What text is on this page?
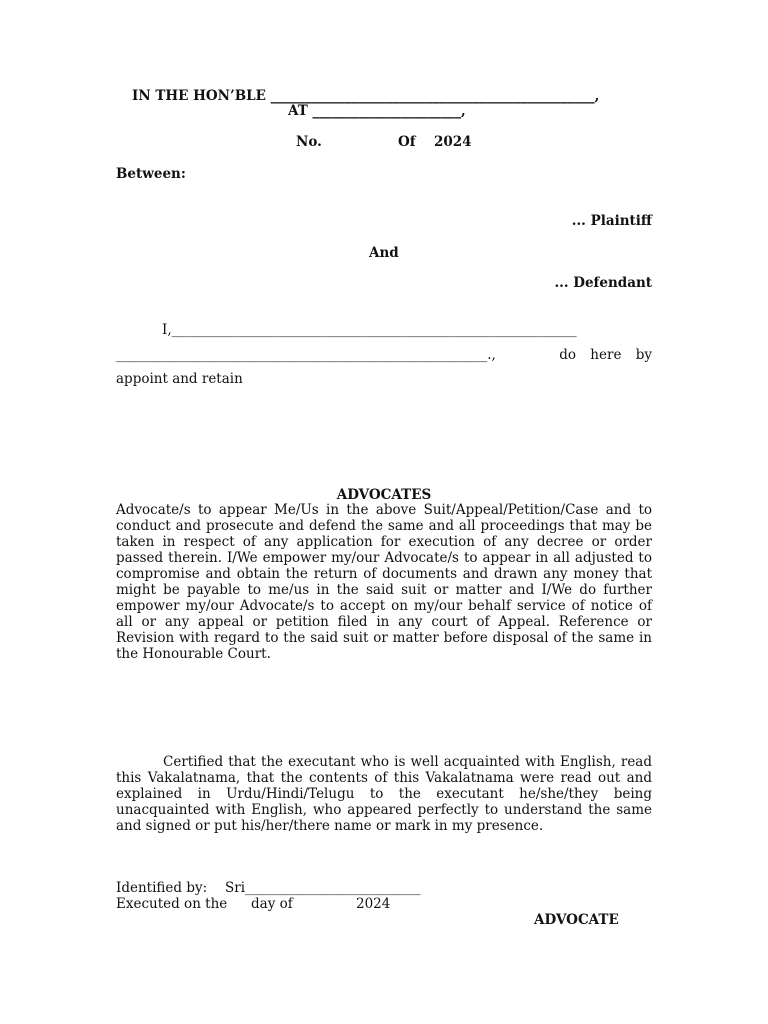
IN THE HON’BLE ________________________________________________,
AT ______________________,
No.	Of 2024
Between:
... Plaintiff
And
... Defendant
I,____________________________________________________________
_______________________________________________________.,	do here by
appoint and retain
ADVOCATES
Advocate/s to appear Me/Us in the above Suit/Appeal/Petition/Case and to conduct and prosecute and defend the same and all proceedings that may be taken in respect of any application for execution of any decree or order passed therein. I/We empower my/our Advocate/s to appear in all adjusted to compromise and obtain the return of documents and drawn any money that might be payable to me/us in the said suit or matter and I/We do further empower my/our Advocate/s to accept on my/our behalf service of notice of all or any appeal or petition filed in any court of Appeal. Reference or Revision with regard to the said suit or matter before disposal of the same in the Honourable Court.
Certified that the executant who is well acquainted with English, read this Vakalatnama, that the contents of this Vakalatnama were read out and explained in Urdu/Hindi/Telugu to the executant he/she/they being unacquainted with English, who appeared perfectly to understand the same and signed or put his/her/there name or mark in my presence.
Identified by: Sri__________________________
Executed on the day of	2024
ADVOCATE
